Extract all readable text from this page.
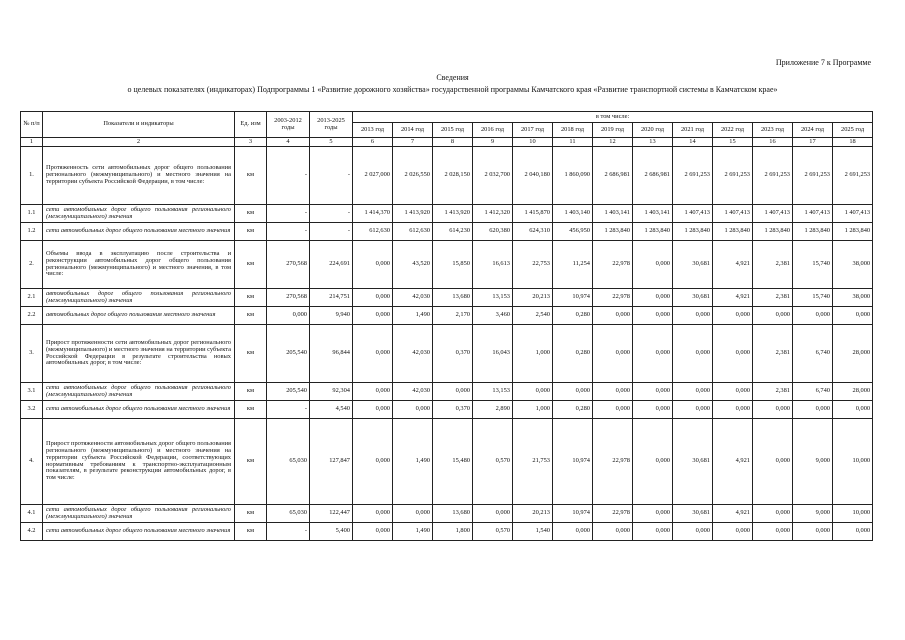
Приложение 7 к Программе
Сведения
о целевых показателях (индикаторах) Подпрограммы 1 «Развитие дорожного хозяйства» государственной программы Камчатского края «Развитие транспортной системы в Камчатском крае»
№ п/п	Показатели и индикаторы	Ед. изм	2003-2012 годы	2013-2025 годы	в том числе:												
					2013 год	2014 год	2015 год	2016 год	2017 год	2018 год	2019 год	2020 год	2021 год	2022 год	2023 год	2024 год	2025 год
1	2	3	4	5	6	7	8	9	10	11	12	13	14	15	16	17	18
1.	Протяженность сети автомобильных дорог общего пользования регионального (межмуниципального) и местного значения на территории субъекта Российской Федерации, в том числе:	км	-	-	2 027,000	2 026,550	2 028,150	2 032,700	2 040,180	1 860,090	2 686,981	2 686,981	2 691,253	2 691,253	2 691,253	2 691,253	2 691,253
1.1	сети автомобильных дорог общего пользования регионального (межмуниципального) значения	км	-	-	1 414,370	1 413,920	1 413,920	1 412,320	1 415,870	1 403,140	1 403,141	1 403,141	1 407,413	1 407,413	1 407,413	1 407,413	1 407,413
1.2	сети автомобильных дорог общего пользования местного значения	км	-	-	612,630	612,630	614,230	620,380	624,310	456,950	1 283,840	1 283,840	1 283,840	1 283,840	1 283,840	1 283,840	1 283,840
2.	Объемы ввода в эксплуатацию после строительства и реконструкции автомобильных дорог общего пользования регионального (межмуниципального) и местного значения, в том числе:	км	270,568	224,691	0,000	43,520	15,850	16,613	22,753	11,254	22,978	0,000	30,681	4,921	2,381	15,740	38,000
2.1	автомобильных дорог общего пользования регионального (межмуниципального) значения	км	270,568	214,751	0,000	42,030	13,680	13,153	20,213	10,974	22,978	0,000	30,681	4,921	2,381	15,740	38,000
2.2	автомобильных дорог общего пользования местного значения	км	0,000	9,940	0,000	1,490	2,170	3,460	2,540	0,280	0,000	0,000	0,000	0,000	0,000	0,000	0,000
3.	Прирост протяженности сети автомобильных дорог регионального (межмуниципального) и местного значения на территории субъекта Российской Федерации в результате строительства новых автомобильных дорог, в том числе:	км	205,540	96,844	0,000	42,030	0,370	16,043	1,000	0,280	0,000	0,000	0,000	0,000	2,381	6,740	28,000
3.1	сети автомобильных дорог общего пользования регионального (межмуниципального) значения	км	205,540	92,304	0,000	42,030	0,000	13,153	0,000	0,000	0,000	0,000	0,000	0,000	2,381	6,740	28,000
3.2	сети автомобильных дорог общего пользования местного значения	км	-	4,540	0,000	0,000	0,370	2,890	1,000	0,280	0,000	0,000	0,000	0,000	0,000	0,000	0,000
4.	Прирост протяженности автомобильных дорог общего пользования регионального (межмуниципального) и местного значения на территории субъекта Российской Федерации, соответствующих нормативным требованиям к транспортно-эксплуатационным показателям, в результате реконструкции автомобильных дорог, в том числе:	км	65,030	127,847	0,000	1,490	15,480	0,570	21,753	10,974	22,978	0,000	30,681	4,921	0,000	9,000	10,000
4.1	сети автомобильных дорог общего пользования регионального (межмуниципального) значения	км	65,030	122,447	0,000	0,000	13,680	0,000	20,213	10,974	22,978	0,000	30,681	4,921	0,000	9,000	10,000
4.2	сети автомобильных дорог общего пользования местного значения	км	-	5,400	0,000	1,490	1,800	0,570	1,540	0,000	0,000	0,000	0,000	0,000	0,000	0,000	0,000
